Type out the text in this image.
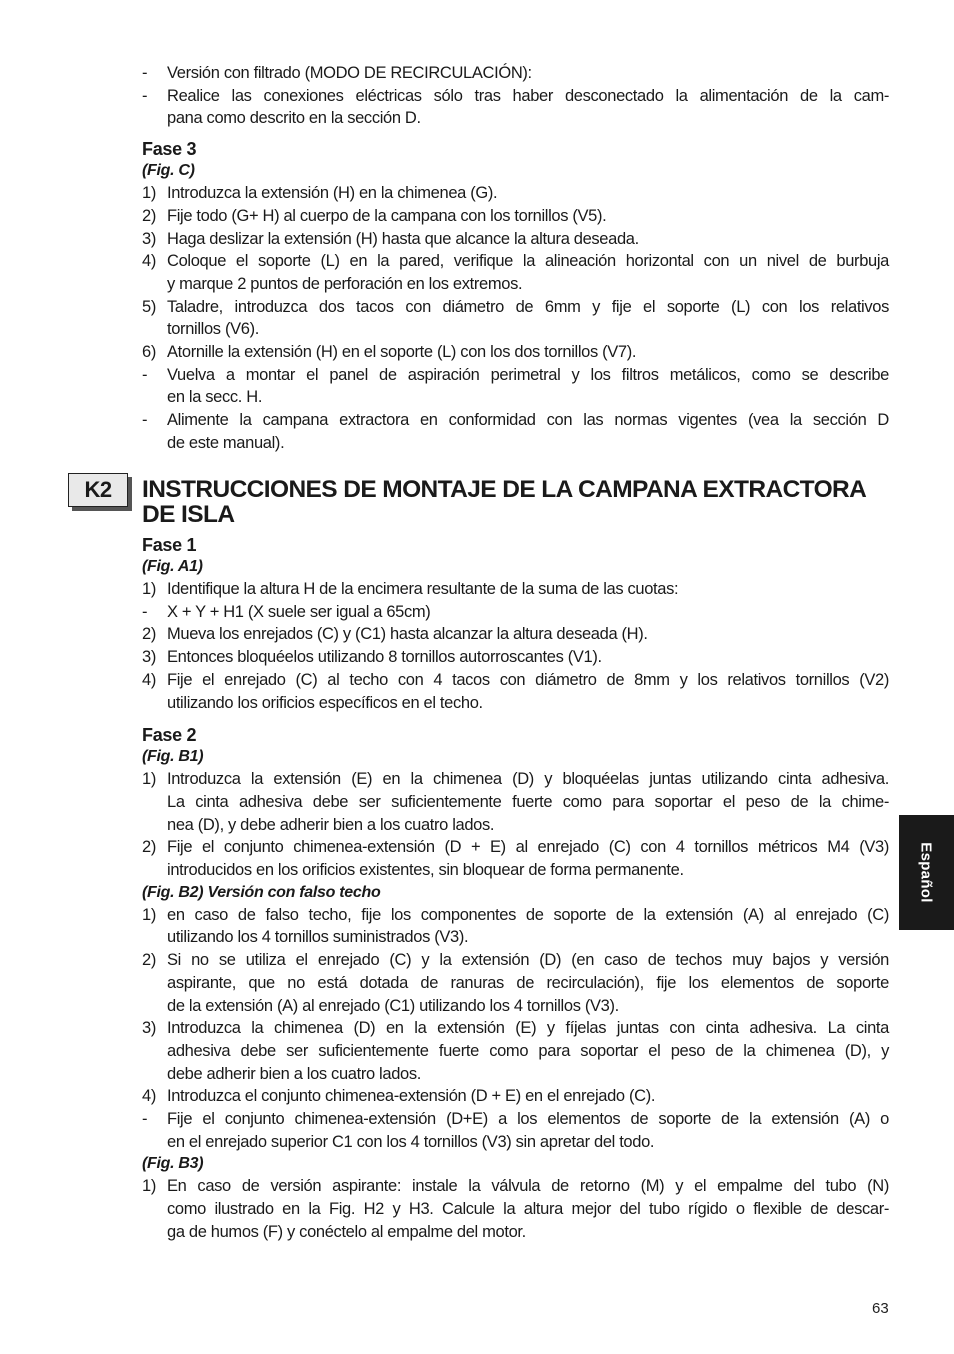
-	Versión con filtrado (MODO DE RECIRCULACIÓN):
-	Realice las conexiones eléctricas sólo tras haber desconectado la alimentación de la cam-
pana como descrito en la sección D.
Fase 3
(Fig. C)
1) Introduzca la extensión (H) en la chimenea (G).
2) Fije todo (G+ H) al cuerpo de la campana con los tornillos (V5).
3) Haga deslizar la extensión (H) hasta que alcance la altura deseada.
4) Coloque el soporte (L) en la pared, verifique la alineación horizontal con un nivel de burbuja
y marque 2 puntos de perforación en los extremos.
5) Taladre, introduzca dos tacos con diámetro de 6mm y fije el soporte (L) con los relativos
tornillos (V6).
6) Atornille la extensión (H) en el soporte (L) con los dos tornillos (V7).
-	Vuelva a montar el panel de aspiración perimetral y los filtros metálicos, como se describe
en la secc. H.
-	Alimente la campana extractora en conformidad con las normas vigentes (vea la sección D
de este manual).
K2	INSTRUCCIONES DE MONTAJE DE LA CAMPANA EXTRACTORA DE ISLA
Fase 1
(Fig. A1)
1) Identifique la altura H de la encimera resultante de la suma de las cuotas:
-	X + Y + H1 (X suele ser igual a 65cm)
2) Mueva los enrejados (C) y (C1) hasta alcanzar la altura deseada (H).
3) Entonces bloquéelos utilizando 8 tornillos autorroscantes (V1).
4) Fije el enrejado (C) al techo con 4 tacos con diámetro de 8mm y los relativos tornillos (V2)
utilizando los orificios específicos en el techo.
Fase 2
(Fig. B1)
1) Introduzca la extensión (E) en la chimenea (D) y bloquéelas juntas utilizando cinta adhesiva.
La cinta adhesiva debe ser suficientemente fuerte como para soportar el peso de la chime-
nea (D), y debe adherir bien a los cuatro lados.
2) Fije el conjunto chimenea-extensión (D + E) al enrejado (C) con 4 tornillos métricos M4 (V3)
introducidos en los orificios existentes, sin bloquear de forma permanente.
(Fig. B2) Versión con falso techo
1) en caso de falso techo, fije los componentes de soporte de la extensión (A) al enrejado (C)
utilizando los 4 tornillos suministrados (V3).
2) Si no se utiliza el enrejado (C) y la extensión (D) (en caso de techos muy bajos y versión
aspirante, que no está dotada de ranuras de recirculación), fije los elementos de soporte
de la extensión (A) al enrejado (C1) utilizando los 4 tornillos (V3).
3) Introduzca la chimenea (D) en la extensión (E) y fíjelas juntas con cinta adhesiva. La cinta
adhesiva debe ser suficientemente fuerte como para soportar el peso de la chimenea (D), y
debe adherir bien a los cuatro lados.
4) Introduzca el conjunto chimenea-extensión (D + E) en el enrejado (C).
-	Fije el conjunto chimenea-extensión (D+E) a los elementos de soporte de la extensión (A) o
en el enrejado superior C1 con los 4 tornillos (V3) sin apretar del todo.
(Fig. B3)
1) En caso de versión aspirante: instale la válvula de retorno (M) y el empalme del tubo (N)
como ilustrado en la Fig. H2 y H3. Calcule la altura mejor del tubo rígido o flexible de descar-
ga de humos (F) y conéctelo al empalme del motor.
Español
63
